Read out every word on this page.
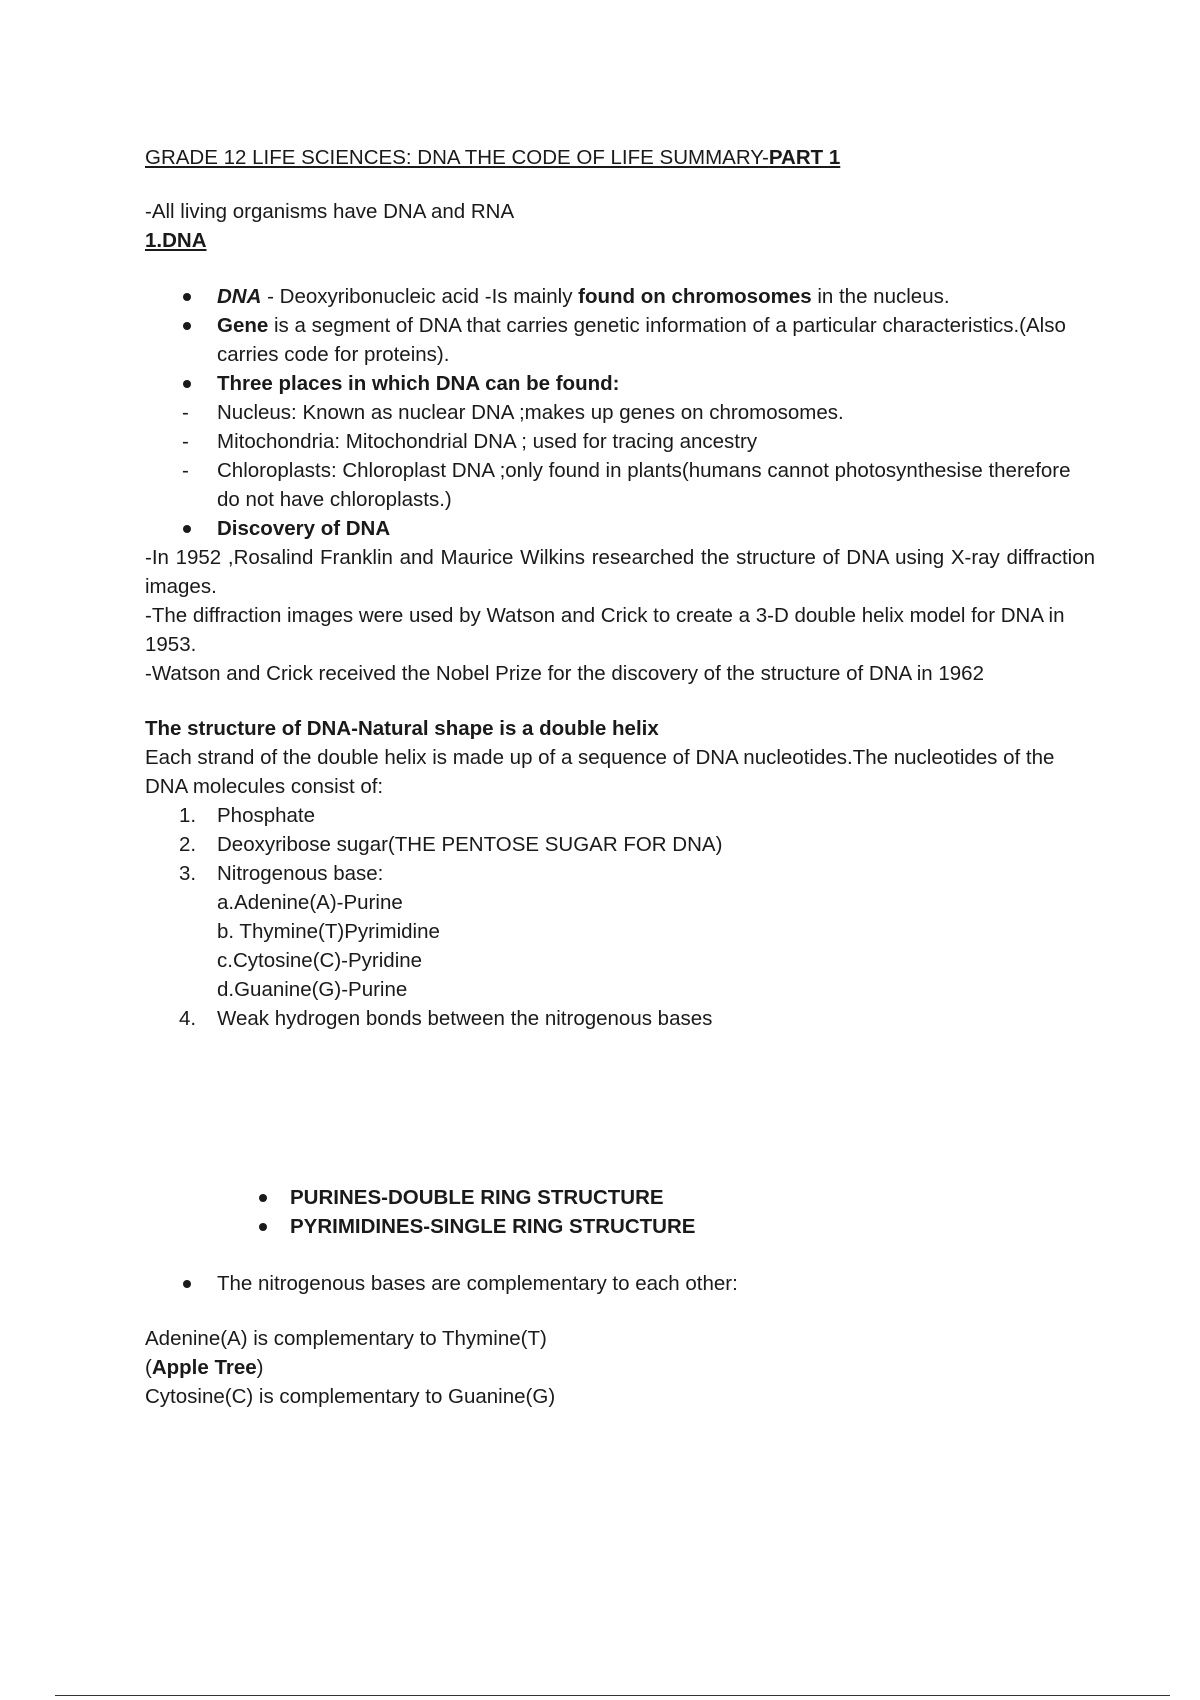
GRADE 12 LIFE SCIENCES: DNA THE CODE OF LIFE SUMMARY-PART 1

-All living organisms have DNA and RNA

1.DNA

DNA - Deoxyribonucleic acid -Is mainly found on chromosomes in the nucleus.
Gene is a segment of DNA that carries genetic information of a particular characteristics.(Also carries code for proteins).
Three places in which DNA can be found:
-	Nucleus: Known as nuclear DNA ;makes up genes on chromosomes.
-	Mitochondria: Mitochondrial DNA ; used for tracing ancestry
-	Chloroplasts: Chloroplast DNA ;only found in plants(humans cannot photosynthesise therefore do not have chloroplasts.)
Discovery of DNA

-In 1952 ,Rosalind Franklin and Maurice Wilkins researched the structure of DNA using X-ray diffraction images.

-The diffraction images were used by Watson and Crick to create a 3-D double helix model for DNA in 1953.

-Watson and Crick received the Nobel Prize for the discovery of the structure of DNA in 1962

The structure of DNA-Natural shape is a double helix

Each strand of the double helix is made up of a sequence of DNA nucleotides.The nucleotides of the DNA molecules consist of:

1. Phosphate
2. Deoxyribose sugar(THE PENTOSE SUGAR FOR DNA)
3. Nitrogenous base:
a.Adenine(A)-Purine
b. Thymine(T)Pyrimidine
c.Cytosine(C)-Pyridine
d.Guanine(G)-Purine
4. Weak hydrogen bonds between the nitrogenous bases
PURINES-DOUBLE RING STRUCTURE
PYRIMIDINES-SINGLE RING STRUCTURE
The nitrogenous bases are complementary to each other:

Adenine(A) is complementary to Thymine(T)

(Apple Tree)

Cytosine(C) is complementary to Guanine(G)
